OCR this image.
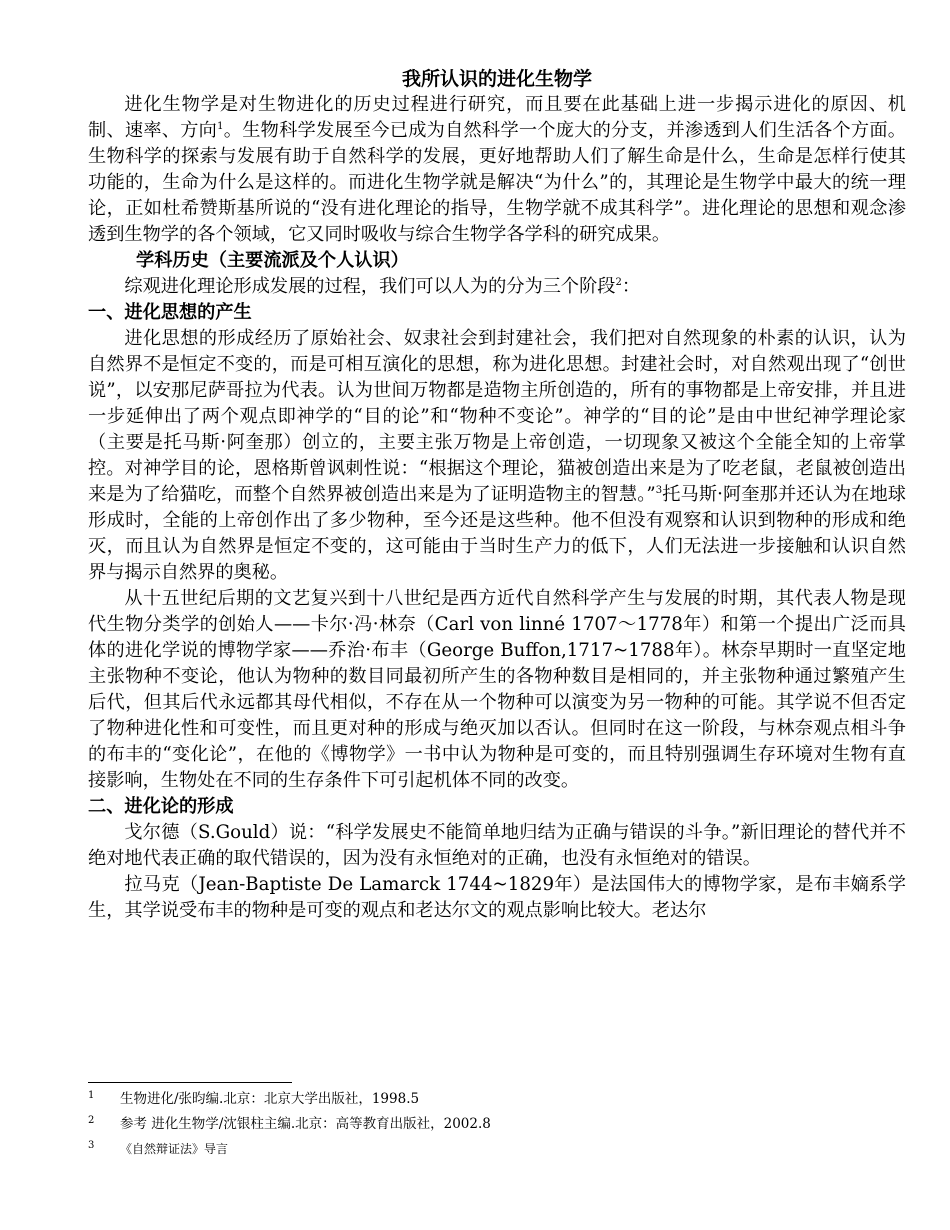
我所认识的进化生物学

进化生物学是对生物进化的历史过程进行研究，而且要在此基础上进一步揭示进化的原因、机制、速率、方向$^1$。生物科学发展至今已成为自然科学一个庞大的分支，并渗透到人们生活各个方面。生物科学的探索与发展有助于自然科学的发展，更好地帮助人们了解生命是什么，生命是怎样行使其功能的，生命为什么是这样的。而进化生物学就是解决“为什么”的，其理论是生物学中最大的统一理论，正如杜希赞斯基所说的“没有进化理论的指导，生物学就不成其科学”。进化理论的思想和观念渗透到生物学的各个领域，它又同时吸收与综合生物学各学科的研究成果。

学科历史（主要流派及个人认识）

综观进化理论形成发展的过程，我们可以人为的分为三个阶段$^2$：

一、进化思想的产生

进化思想的形成经历了原始社会、奴隶社会到封建社会，我们把对自然现象的朴素的认识，认为自然界不是恒定不变的，而是可相互演化的思想，称为进化思想。封建社会时，对自然观出现了“创世说”，以安那尼萨哥拉为代表。认为世间万物都是造物主所创造的，所有的事物都是上帝安排，并且进一步延伸出了两个观点即神学的“目的论”和“物种不变论”。神学的“目的论”是由中世纪神学理论家（主要是托马斯·阿奎那）创立的，主要主张万物是上帝创造，一切现象又被这个全能全知的上帝掌控。对神学目的论，恩格斯曾讽刺性说：“根据这个理论，猫被创造出来是为了吃老鼠，老鼠被创造出来是为了给猫吃，而整个自然界被创造出来是为了证明造物主的智慧。”$^3$托马斯·阿奎那并还认为在地球形成时，全能的上帝创作出了多少物种，至今还是这些种。他不但没有观察和认识到物种的形成和绝灭，而且认为自然界是恒定不变的，这可能由于当时生产力的低下，人们无法进一步接触和认识自然界与揭示自然界的奥秘。

从十五世纪后期的文艺复兴到十八世纪是西方近代自然科学产生与发展的时期，其代表人物是现代生物分类学的创始人——卡尔·冯·林奈（Carl von linné 1707～1778年）和第一个提出广泛而具体的进化学说的博物学家——乔治·布丰（George Buffon,1717~1788年）。林奈早期时一直坚定地主张物种不变论，他认为物种的数目同最初所产生的各物种数目是相同的，并主张物种通过繁殖产生后代，但其后代永远都其母代相似，不存在从一个物种可以演变为另一物种的可能。其学说不但否定了物种进化性和可变性，而且更对种的形成与绝灭加以否认。但同时在这一阶段，与林奈观点相斗争的布丰的“变化论”，在他的《博物学》一书中认为物种是可变的，而且特别强调生存环境对生物有直接影响，生物处在不同的生存条件下可引起机体不同的改变。

二、进化论的形成

戈尔德（S.Gould）说：“科学发展史不能简单地归结为正确与错误的斗争。”新旧理论的替代并不绝对地代表正确的取代错误的，因为没有永恒绝对的正确，也没有永恒绝对的错误。

拉马克（Jean-Baptiste De Lamarck 1744~1829年）是法国伟大的博物学家，是布丰嫡系学生，其学说受布丰的物种是可变的观点和老达尔文的观点影响比较大。老达尔

1	生物进化/张昀编.北京：北京大学出版社，1998.5
2	参考 进化生物学/沈银柱主编.北京：高等教育出版社，2002.8
3	《自然辩证法》导言
